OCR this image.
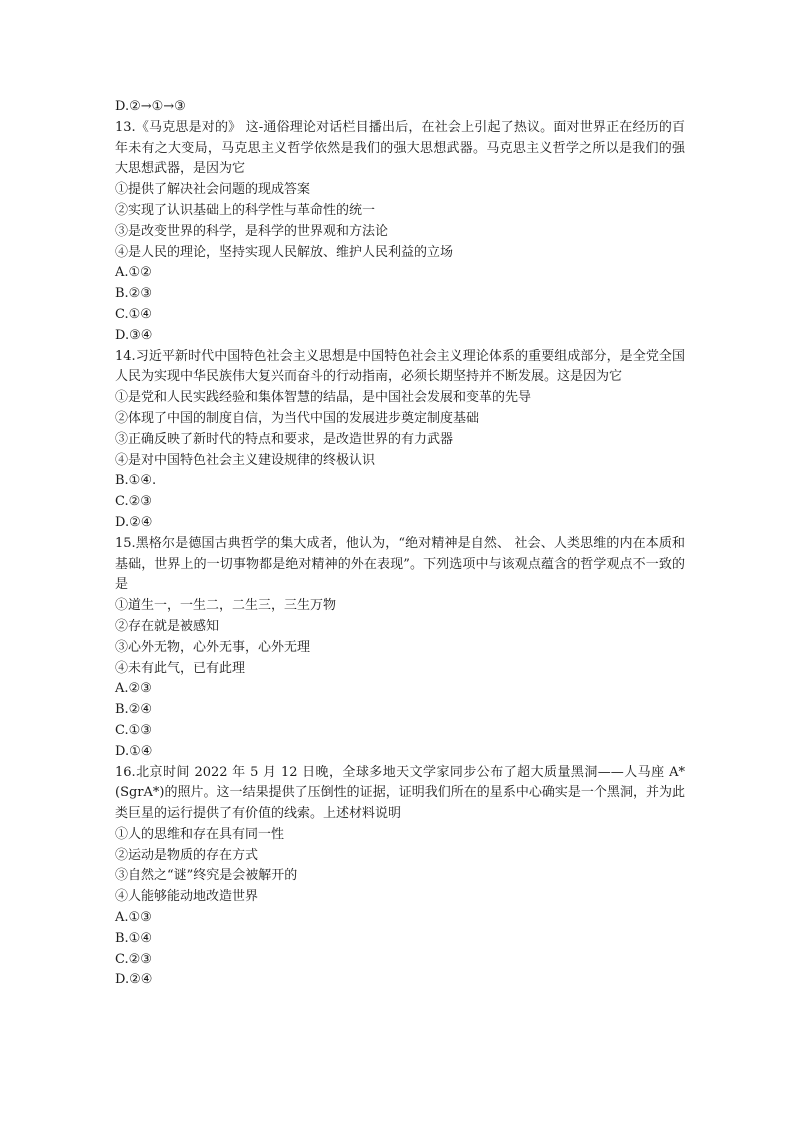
D.②→①→③
13.《马克思是对的》 这-通俗理论对话栏目播出后，在社会上引起了热议。面对世界正在经历的百年未有之大变局，马克思主义哲学依然是我们的强大思想武器。马克思主义哲学之所以是我们的强大思想武器，是因为它
①提供了解决社会问题的现成答案
②实现了认识基础上的科学性与革命性的统一
③是改变世界的科学，是科学的世界观和方法论
④是人民的理论，坚持实现人民解放、维护人民利益的立场
A.①②
B.②③
C.①④
D.③④
14.习近平新时代中国特色社会主义思想是中国特色社会主义理论体系的重要组成部分，是全党全国人民为实现中华民族伟大复兴而奋斗的行动指南，必须长期坚持并不断发展。这是因为它
①是党和人民实践经验和集体智慧的结晶，是中国社会发展和变革的先导
②体现了中国的制度自信，为当代中国的发展进步奠定制度基础
③正确反映了新时代的特点和要求，是改造世界的有力武器
④是对中国特色社会主义建设规律的终极认识
B.①④.
C.②③
D.②④
15.黑格尔是德国古典哲学的集大成者，他认为，“绝对精神是自然、 社会、人类思维的内在本质和基础，世界上的一切事物都是绝对精神的外在表现”。下列选项中与该观点蕴含的哲学观点不一致的是
①道生一，一生二，二生三，三生万物
②存在就是被感知
③心外无物，心外无事，心外无理
④未有此气，已有此理
A.②③
B.②④
C.①③
D.①④
16.北京时间 2022 年 5 月 12 日晚，全球多地天文学家同步公布了超大质量黑洞——人马座 A*(SgrA*)的照片。这一结果提供了压倒性的证据，证明我们所在的星系中心确实是一个黑洞，并为此类巨星的运行提供了有价值的线索。上述材料说明
①人的思维和存在具有同一性
②运动是物质的存在方式
③自然之“谜”终究是会被解开的
④人能够能动地改造世界
A.①③
B.①④
C.②③
D.②④
